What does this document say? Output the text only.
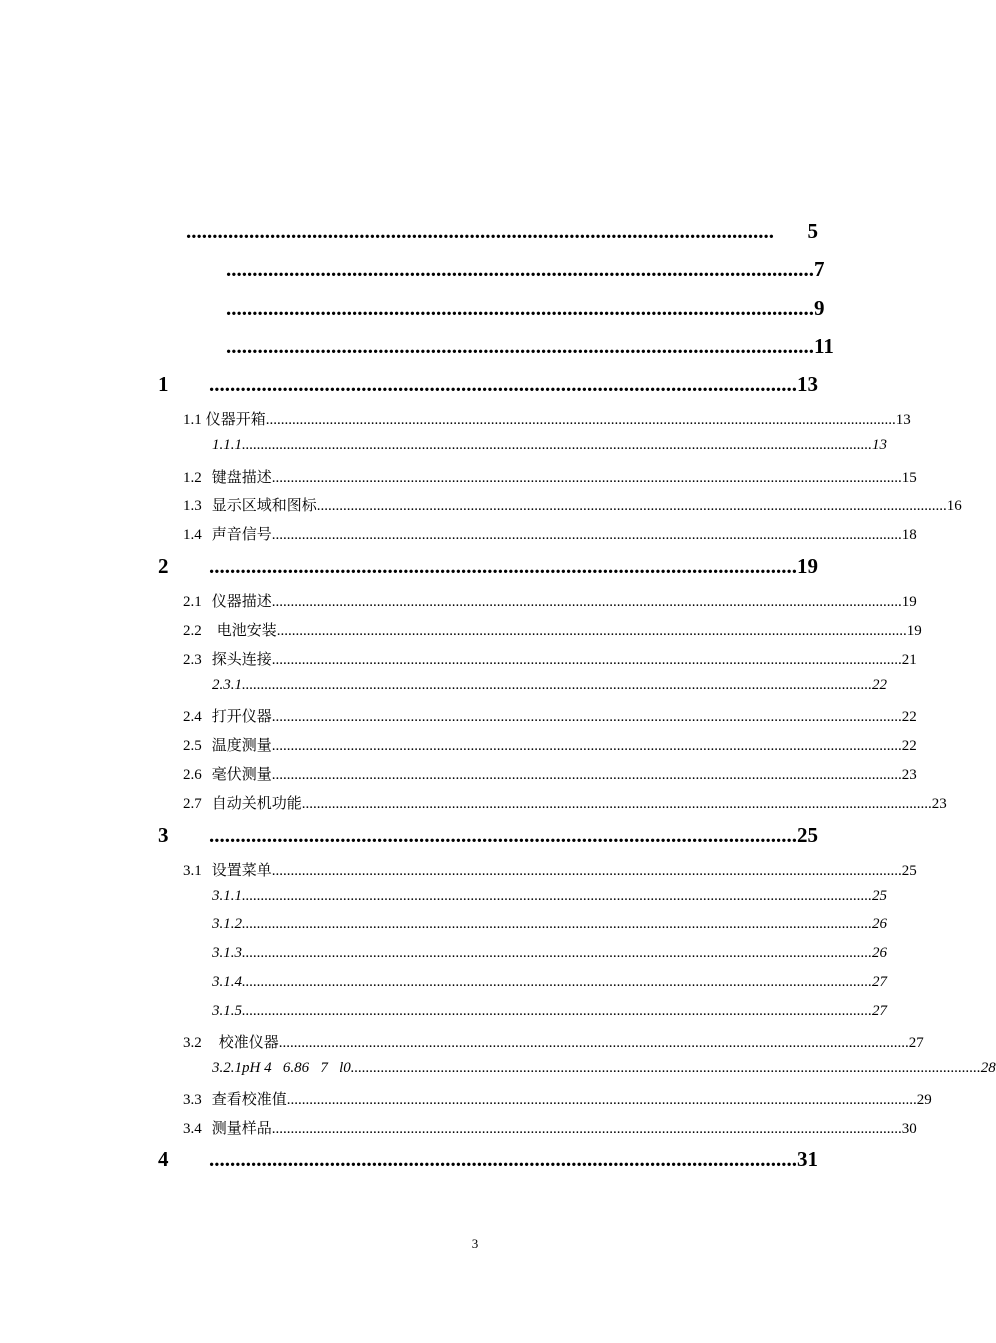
................................................................................................................	5
................................................................................................................ 7
................................................................................................................ 9
................................................................................................................ 11
1	................................................................................................................ 13
1.1 仪器开箱 ........................................................................................................................................................................ 13
1.1.1 ........................................................................................................................................................................ 13
1.2 键盘描述 ........................................................................................................................................................................ 15
1.3 显示区域和图标 ........................................................................................................................................................................ 16
1.4 声音信号 ........................................................................................................................................................................ 18
2	................................................................................................................ 19
2.1 仪器描述 ........................................................................................................................................................................ 19
2.2 电池安装 ........................................................................................................................................................................ 19
2.3 探头连接 ........................................................................................................................................................................ 21
2.3.1 ........................................................................................................................................................................ 22
2.4 打开仪器 ........................................................................................................................................................................ 22
2.5 温度测量 ........................................................................................................................................................................ 22
2.6 毫伏测量 ........................................................................................................................................................................ 23
2.7 自动关机功能 ........................................................................................................................................................................ 23
3	................................................................................................................ 25
3.1 设置菜单 ........................................................................................................................................................................ 25
3.1.1 ........................................................................................................................................................................ 25
3.1.2 ........................................................................................................................................................................ 26
3.1.3 ........................................................................................................................................................................ 26
3.1.4 ........................................................................................................................................................................ 27
3.1.5 ........................................................................................................................................................................ 27
3.2 校准仪器 ........................................................................................................................................................................ 27
3.2.1 pH 4   6.86   7   l0 ........................................................................................................................................................................ 28
3.3 查看校准值 ........................................................................................................................................................................ 29
3.4 测量样品 ........................................................................................................................................................................ 30
4	................................................................................................................ 31
3
